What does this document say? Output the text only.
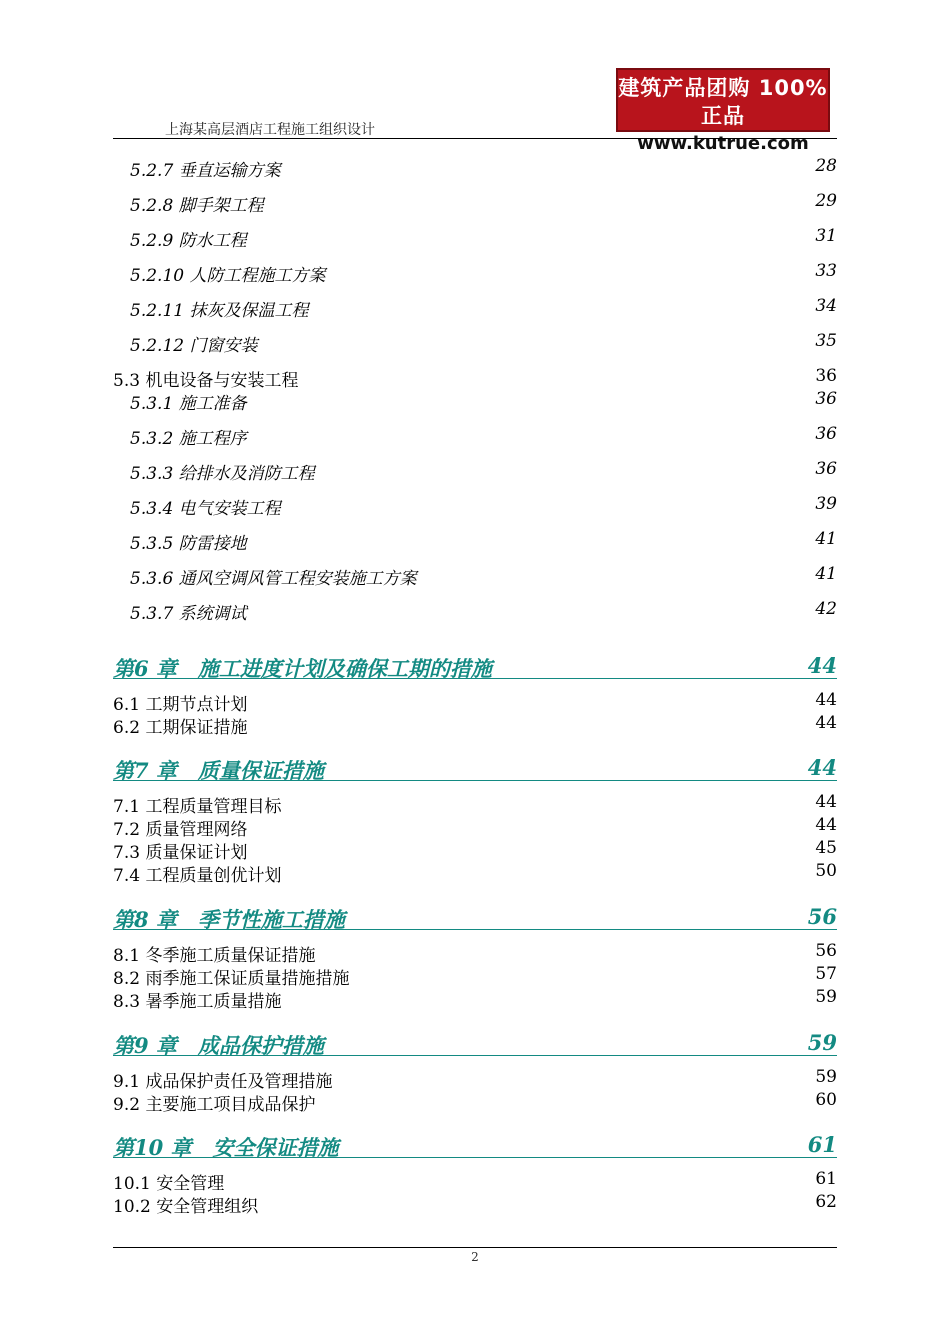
上海某高层酒店工程施工组织设计
建筑产品团购 100%正品
www.kutrue.com
5.2.7 垂直运输方案	28
5.2.8 脚手架工程	29
5.2.9 防水工程	31
5.2.10 人防工程施工方案	33
5.2.11 抹灰及保温工程	34
5.2.12 门窗安装	35
5.3 机电设备与安装工程	36
5.3.1 施工准备	36
5.3.2 施工程序	36
5.3.3 给排水及消防工程	36
5.3.4 电气安装工程	39
5.3.5 防雷接地	41
5.3.6 通风空调风管工程安装施工方案	41
5.3.7 系统调试	42
第6 章　施工进度计划及确保工期的措施	44
6.1 工期节点计划	44
6.2 工期保证措施	44
第7 章　质量保证措施	44
7.1 工程质量管理目标	44
7.2 质量管理网络	44
7.3 质量保证计划	45
7.4 工程质量创优计划	50
第8 章　季节性施工措施	56
8.1 冬季施工质量保证措施	56
8.2 雨季施工保证质量措施措施	57
8.3 暑季施工质量措施	59
第9 章　成品保护措施	59
9.1 成品保护责任及管理措施	59
9.2 主要施工项目成品保护	60
第10 章　安全保证措施	61
10.1 安全管理	61
10.2 安全管理组织	62
2
